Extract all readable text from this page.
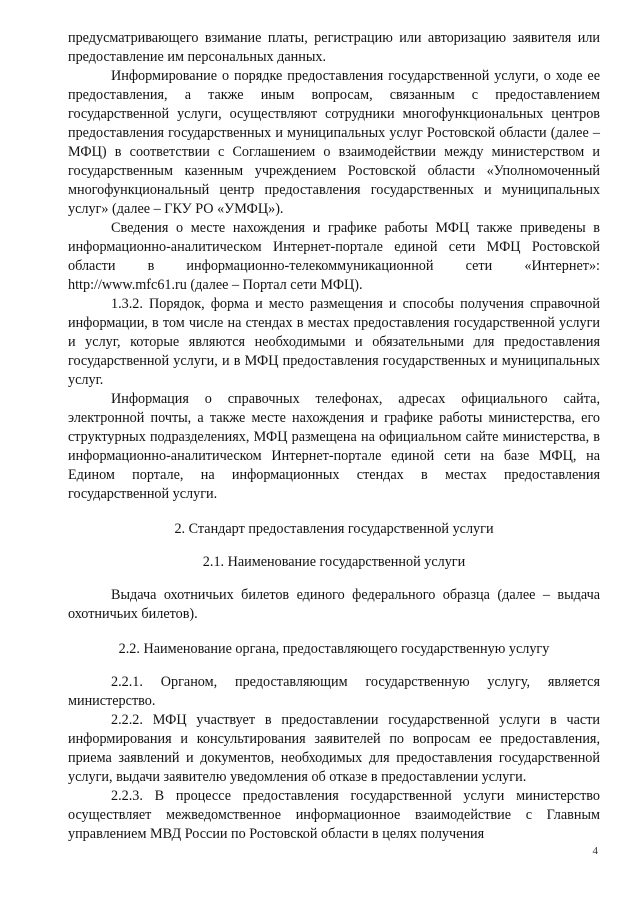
предусматривающего взимание платы, регистрацию или авторизацию заявителя или предоставление им персональных данных.

Информирование о порядке предоставления государственной услуги, о ходе ее предоставления, а также иным вопросам, связанным с предоставлением государственной услуги, осуществляют сотрудники многофункциональных центров предоставления государственных и муниципальных услуг Ростовской области (далее – МФЦ) в соответствии с Соглашением о взаимодействии между министерством и государственным казенным учреждением Ростовской области «Уполномоченный многофункциональный центр предоставления государственных и муниципальных услуг» (далее – ГКУ РО «УМФЦ»).

Сведения о месте нахождения и графике работы МФЦ также приведены в информационно-аналитическом Интернет-портале единой сети МФЦ Ростовской области в информационно-телекоммуникационной сети «Интернет»: http://www.mfc61.ru (далее – Портал сети МФЦ).

1.3.2. Порядок, форма и место размещения и способы получения справочной информации, в том числе на стендах в местах предоставления государственной услуги и услуг, которые являются необходимыми и обязательными для предоставления государственной услуги, и в МФЦ предоставления государственных и муниципальных услуг.

Информация о справочных телефонах, адресах официального сайта, электронной почты, а также месте нахождения и графике работы министерства, его структурных подразделениях, МФЦ размещена на официальном сайте министерства, в информационно-аналитическом Интернет-портале единой сети на базе МФЦ, на Едином портале, на информационных стендах в местах предоставления государственной услуги.

2. Стандарт предоставления государственной услуги

2.1. Наименование государственной услуги

Выдача охотничьих билетов единого федерального образца (далее – выдача охотничьих билетов).

2.2. Наименование органа, предоставляющего государственную услугу

2.2.1. Органом, предоставляющим государственную услугу, является министерство.

2.2.2. МФЦ участвует в предоставлении государственной услуги в части информирования и консультирования заявителей по вопросам ее предоставления, приема заявлений и документов, необходимых для предоставления государственной услуги, выдачи заявителю уведомления об отказе в предоставлении услуги.

2.2.3. В процессе предоставления государственной услуги министерство осуществляет межведомственное информационное взаимодействие с Главным управлением МВД России по Ростовской области в целях получения

4
